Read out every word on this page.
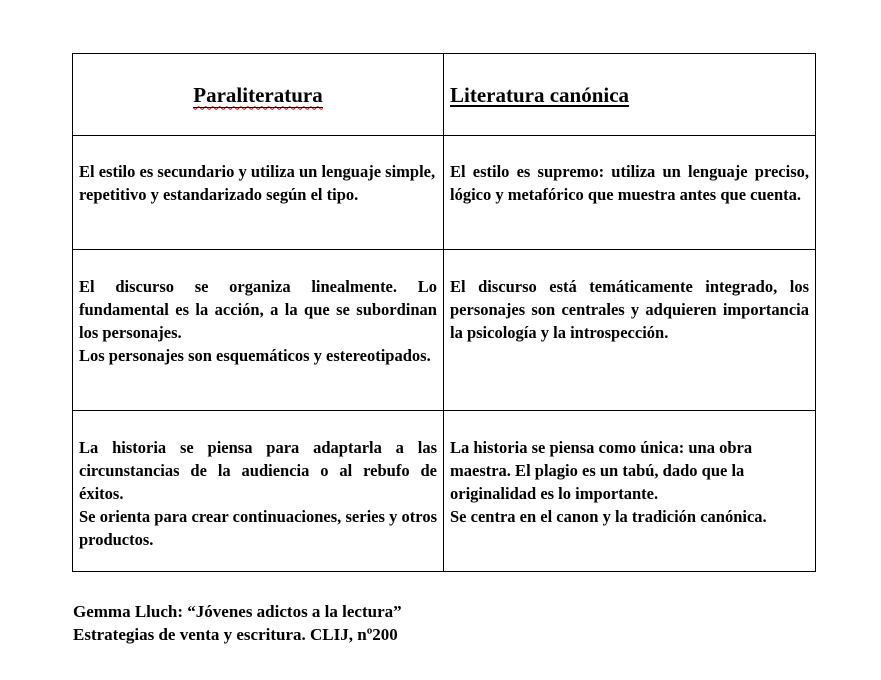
Paraliteratura	Literatura canónica

El estilo es secundario y utiliza un lenguaje simple, repetitivo y estandarizado según el tipo.	El estilo es supremo: utiliza un lenguaje preciso, lógico y metafórico que muestra antes que cuenta.

El discurso se organiza linealmente. Lo fundamental es la acción, a la que se subordinan los personajes.
Los personajes son esquemáticos y estereotipados.	El discurso está temáticamente integrado, los personajes son centrales y adquieren importancia la psicología y la introspección.

La historia se piensa para adaptarla a las circunstancias de la audiencia o al rebufo de éxitos.
Se orienta para crear continuaciones, series y otros productos.	La historia se piensa como única: una obra maestra. El plagio es un tabú, dado que la originalidad es lo importante.
Se centra en el canon y la tradición canónica.
Gemma Lluch: “Jóvenes adictos a la lectura”
Estrategias de venta y escritura. CLIJ, nº200
